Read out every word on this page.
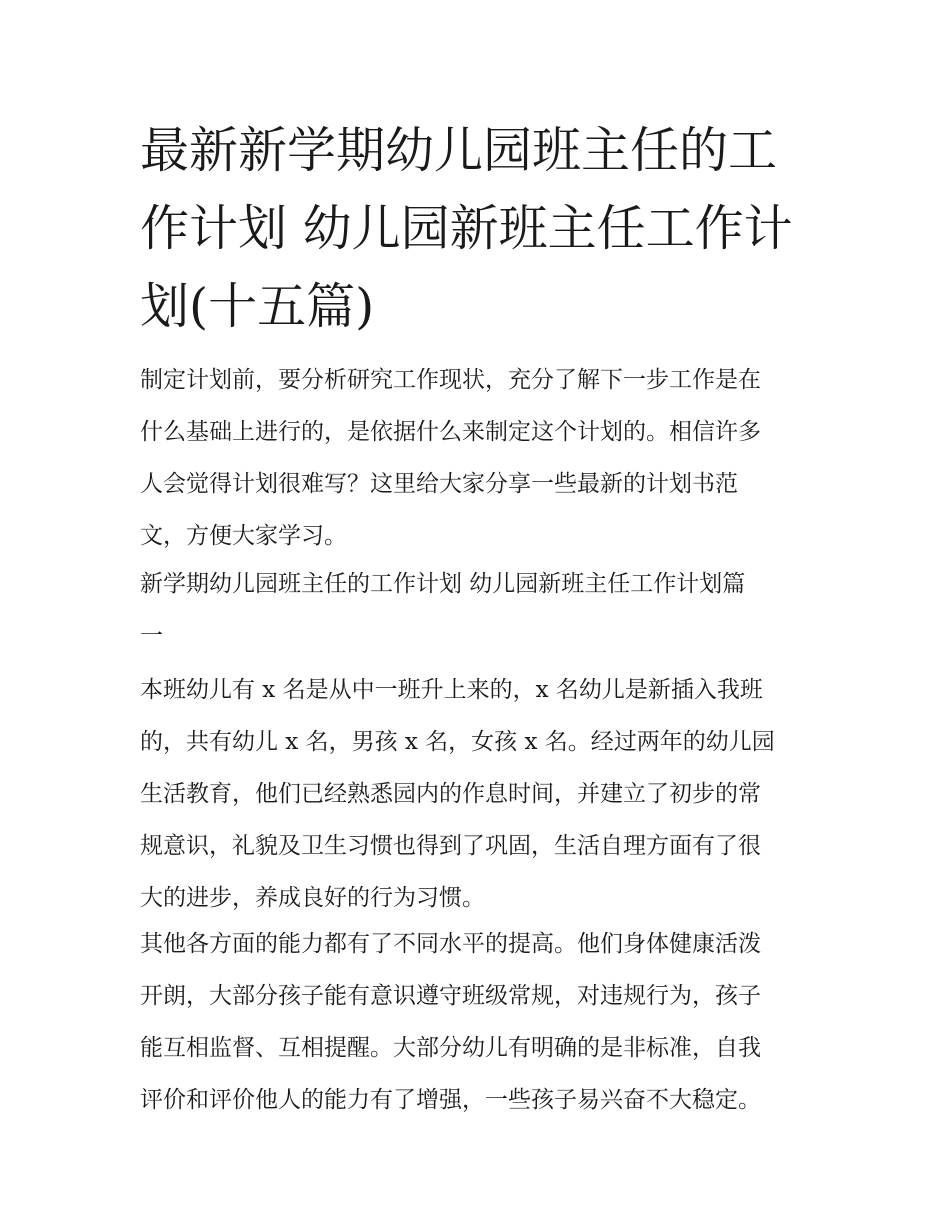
最新新学期幼儿园班主任的工
作计划 幼儿园新班主任工作计
划(十五篇)
制定计划前，要分析研究工作现状，充分了解下一步工作是在
什么基础上进行的，是依据什么来制定这个计划的。相信许多
人会觉得计划很难写？这里给大家分享一些最新的计划书范
文，方便大家学习。
新学期幼儿园班主任的工作计划 幼儿园新班主任工作计划篇
一
本班幼儿有 x 名是从中一班升上来的，x 名幼儿是新插入我班
的，共有幼儿 x 名，男孩 x 名，女孩 x 名。经过两年的幼儿园
生活教育，他们已经熟悉园内的作息时间，并建立了初步的常
规意识，礼貌及卫生习惯也得到了巩固，生活自理方面有了很
大的进步，养成良好的行为习惯。
其他各方面的能力都有了不同水平的提高。他们身体健康活泼
开朗，大部分孩子能有意识遵守班级常规，对违规行为，孩子
能互相监督、互相提醒。大部分幼儿有明确的是非标准，自我
评价和评价他人的能力有了增强，一些孩子易兴奋不大稳定。
